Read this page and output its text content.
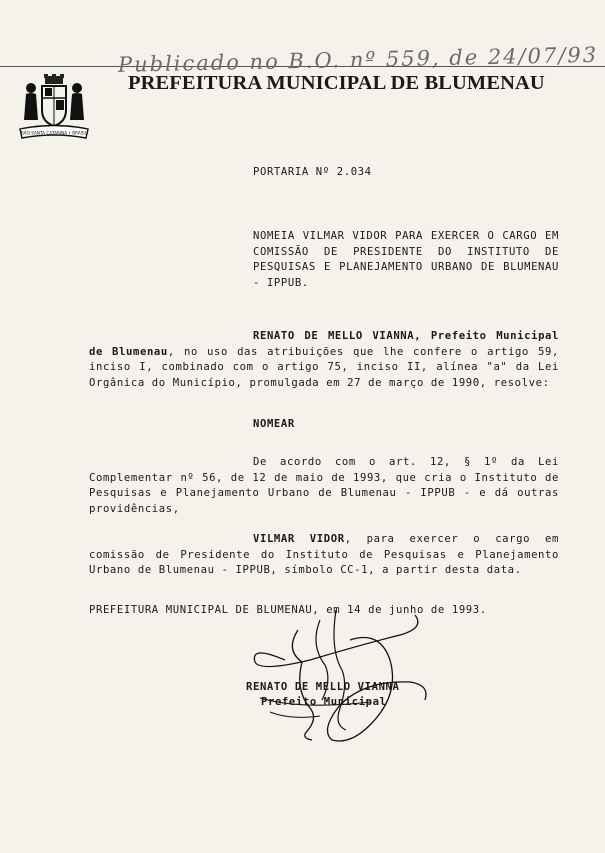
Publicado no B.O. nº 559, de 24/07/93
SÃO SANTA CATARINA • BRASIL
PREFEITURA MUNICIPAL DE BLUMENAU
PORTARIA Nº 2.034
NOMEIA VILMAR VIDOR PARA EXERCER O CARGO EM COMISSÃO DE PRESIDENTE DO INSTITUTO DE PESQUISAS E PLANEJAMENTO URBANO DE BLUMENAU - IPPUB.
RENATO DE MELLO VIANNA, Prefeito Municipal de Blumenau, no uso das atribuições que lhe confere o artigo 59, inciso I, combinado com o artigo 75, inciso II, alínea "a" da Lei Orgânica do Município, promulgada em 27 de março de 1990, resolve:
NOMEAR
De acordo com o art. 12, § 1º da Lei Complementar nº 56, de 12 de maio de 1993, que cria o Instituto de Pesquisas e Planejamento Urbano de Blumenau - IPPUB - e dá outras providências,
VILMAR VIDOR, para exercer o cargo em comissão de Presidente do Instituto de Pesquisas e Planejamento Urbano de Blumenau - IPPUB, símbolo CC-1, a partir desta data.
PREFEITURA MUNICIPAL DE BLUMENAU, em 14 de junho de 1993.
RENATO DE MELLO VIANNA
Prefeito Municipal
